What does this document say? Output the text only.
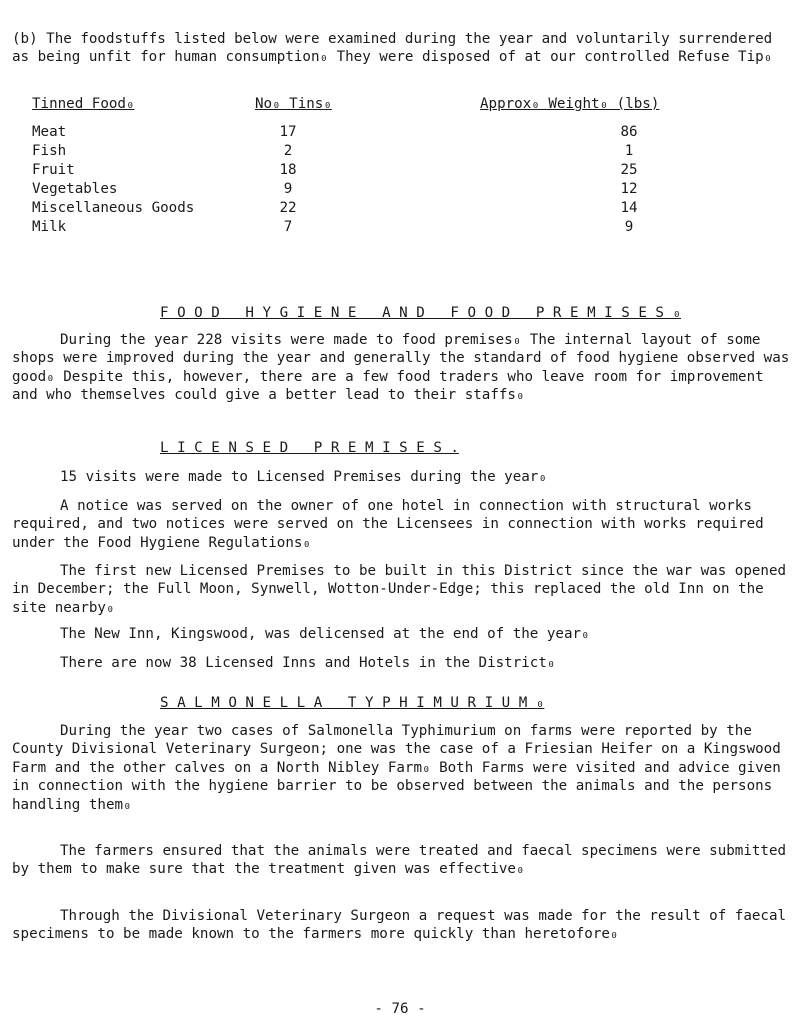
(b) The foodstuffs listed below were examined during the year and voluntarily surrendered as being unfit for human consumption₀ They were disposed of at our controlled Refuse Tip₀

Tinned Food₀	No₀ Tins₀	Approx₀ Weight₀ (lbs)
Meat	17	86
Fish	2	1
Fruit	18	25
Vegetables	9	12
Miscellaneous Goods	22	14
Milk	7	9
F O O D   H Y G I E N E   A N D   F O O D   P R E M I S E S ₀

During the year 228 visits were made to food premises₀ The internal layout of some shops were improved during the year and generally the standard of food hygiene observed was good₀ Despite this, however, there are a few food traders who leave room for improvement and who themselves could give a better lead to their staffs₀

L I C E N S E D   P R E M I S E S .

15 visits were made to Licensed Premises during the year₀

A notice was served on the owner of one hotel in connection with structural works required, and two notices were served on the Licensees in connection with works required under the Food Hygiene Regulations₀

The first new Licensed Premises to be built in this District since the war was opened in December; the Full Moon, Synwell, Wotton-Under-Edge; this replaced the old Inn on the site nearby₀

The New Inn, Kingswood, was delicensed at the end of the year₀

There are now 38 Licensed Inns and Hotels in the District₀

S A L M O N E L L A   T Y P H I M U R I U M ₀

During the year two cases of Salmonella Typhimurium on farms were reported by the County Divisional Veterinary Surgeon; one was the case of a Friesian Heifer on a Kingswood Farm and the other calves on a North Nibley Farm₀ Both Farms were visited and advice given in connection with the hygiene barrier to be observed between the animals and the persons handling them₀

The farmers ensured that the animals were treated and faecal specimens were submitted by them to make sure that the treatment given was effective₀

Through the Divisional Veterinary Surgeon a request was made for the result of faecal specimens to be made known to the farmers more quickly than heretofore₀

- 76 -
